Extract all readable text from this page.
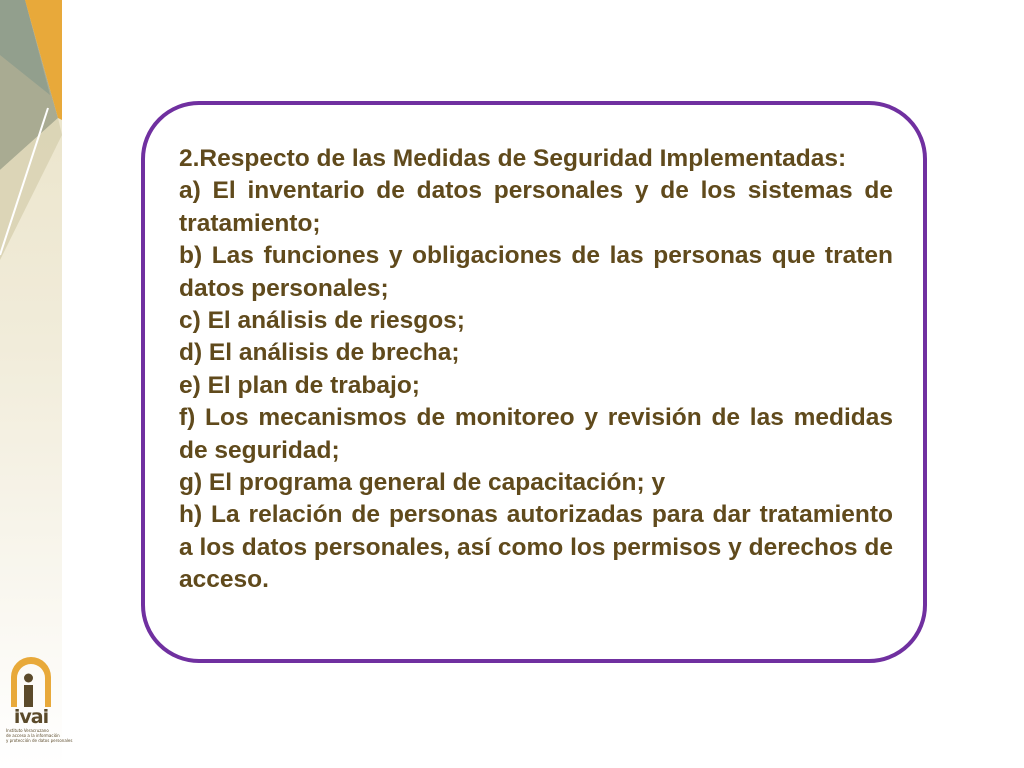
2.Respecto de las Medidas de Seguridad Implementadas:

a) El inventario de datos personales y de los sistemas de tratamiento;

b) Las funciones y obligaciones de las personas que traten datos personales;

c) El análisis de riesgos;

d) El análisis de brecha;

e) El plan de trabajo;

f) Los mecanismos de monitoreo y revisión de las medidas de seguridad;

g) El programa general de capacitación; y

h) La relación de personas autorizadas para dar tratamiento a los datos personales, así como los permisos y derechos de acceso.

ivai
Instituto Veracruzano
de acceso a la información
y protección de datos personales
